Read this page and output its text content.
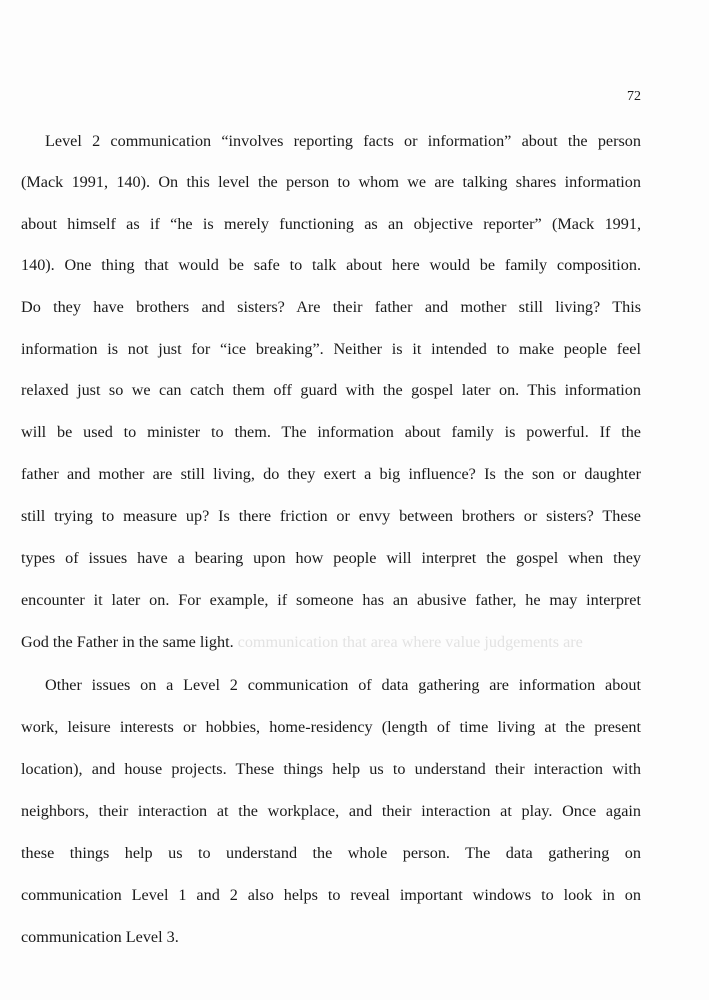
72
Level 2 communication “involves reporting facts or information” about the person
(Mack 1991, 140). On this level the person to whom we are talking shares information
about himself as if “he is merely functioning as an objective reporter” (Mack 1991,
140). One thing that would be safe to talk about here would be family composition.
Do they have brothers and sisters? Are their father and mother still living? This
information is not just for “ice breaking”. Neither is it intended to make people feel
relaxed just so we can catch them off guard with the gospel later on. This information
will be used to minister to them. The information about family is powerful. If the
father and mother are still living, do they exert a big influence? Is the son or daughter
still trying to measure up? Is there friction or envy between brothers or sisters? These
types of issues have a bearing upon how people will interpret the gospel when they
encounter it later on. For example, if someone has an abusive father, he may interpret
God the Father in the same light. communication that area where value judgements are
Other issues on a Level 2 communication of data gathering are information about
work, leisure interests or hobbies, home-residency (length of time living at the present
location), and house projects. These things help us to understand their interaction with
neighbors, their interaction at the workplace, and their interaction at play. Once again
these things help us to understand the whole person. The data gathering on
communication Level 1 and 2 also helps to reveal important windows to look in on
communication Level 3.
